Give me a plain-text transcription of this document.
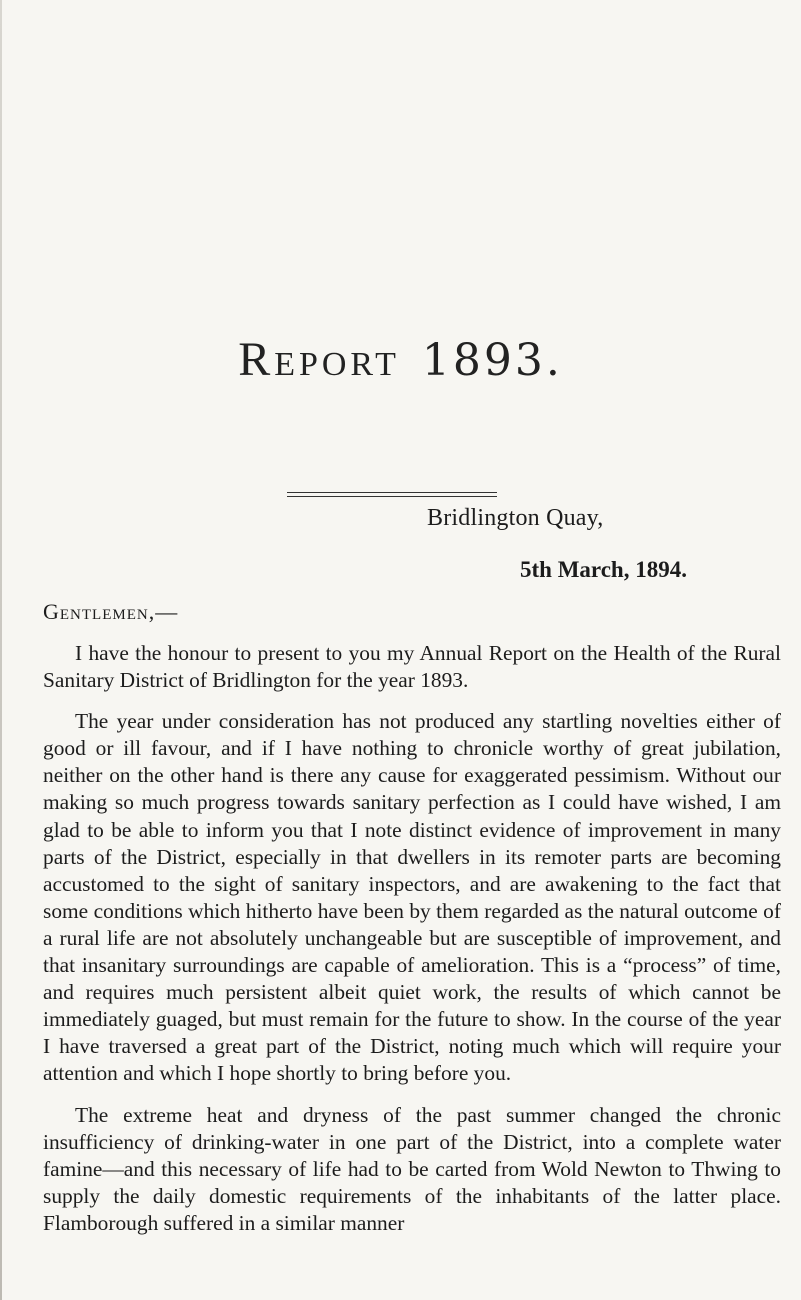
Report 1893.
Bridlington Quay,
5th March, 1894.
Gentlemen,—

I have the honour to present to you my Annual Report on the Health of the Rural Sanitary District of Bridlington for the year 1893.

The year under consideration has not produced any startling novelties either of good or ill favour, and if I have nothing to chronicle worthy of great jubilation, neither on the other hand is there any cause for exaggerated pessimism. Without our making so much progress towards sanitary perfection as I could have wished, I am glad to be able to inform you that I note distinct evidence of improvement in many parts of the District, especially in that dwellers in its remoter parts are becoming accustomed to the sight of sanitary inspectors, and are awakening to the fact that some conditions which hitherto have been by them regarded as the natural outcome of a rural life are not absolutely unchangeable but are susceptible of improvement, and that insanitary surroundings are capable of amelioration. This is a “process” of time, and requires much persistent albeit quiet work, the results of which cannot be immediately guaged, but must remain for the future to show. In the course of the year I have traversed a great part of the District, noting much which will require your attention and which I hope shortly to bring before you.

The extreme heat and dryness of the past summer changed the chronic insufficiency of drinking-water in one part of the District, into a complete water famine—and this necessary of life had to be carted from Wold Newton to Thwing to supply the daily domestic requirements of the inhabitants of the latter place. Flamborough suffered in a similar manner
